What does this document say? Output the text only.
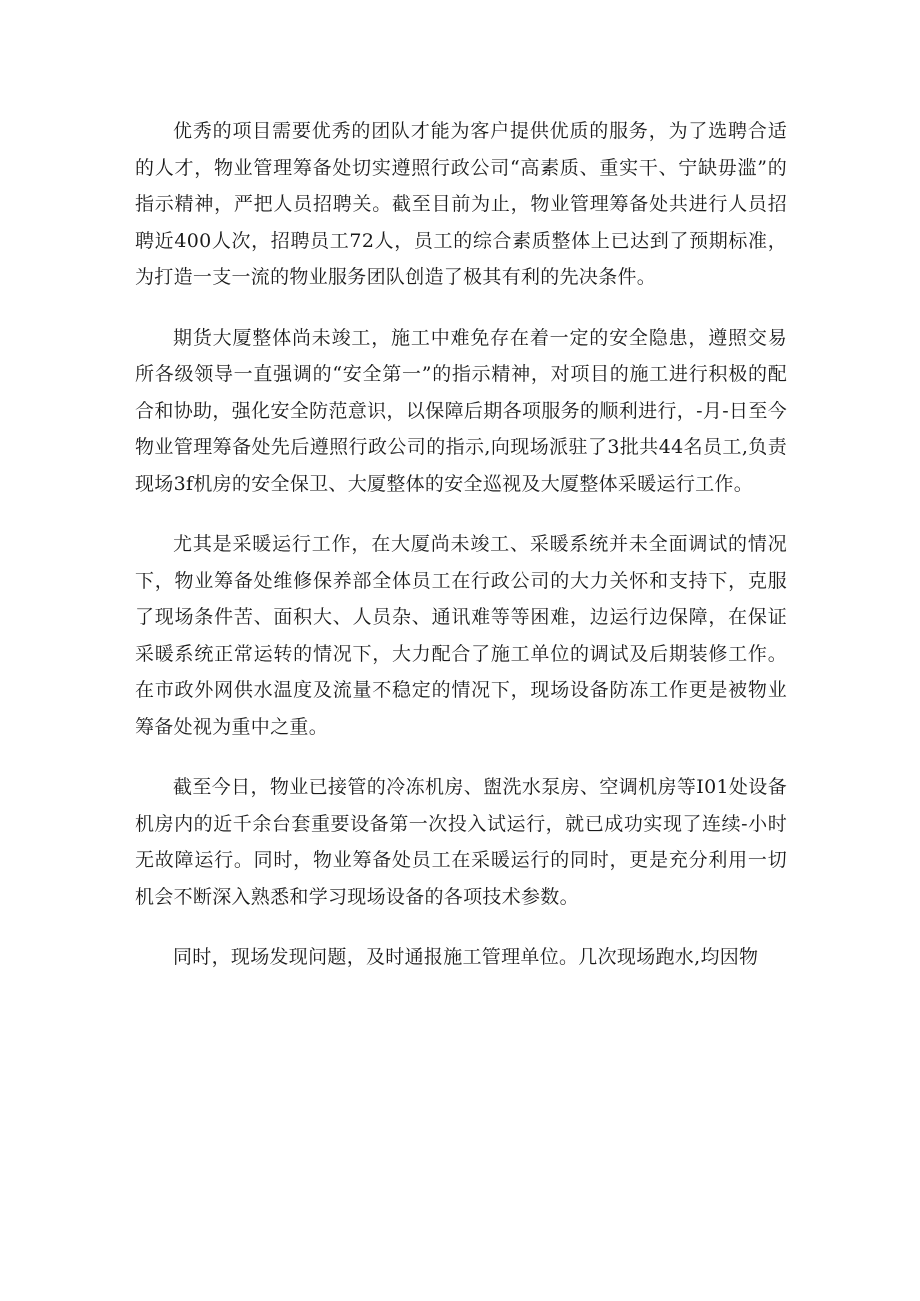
优秀的项目需要优秀的团队才能为客户提供优质的服务，为了选聘合适的人才，物业管理筹备处切实遵照行政公司“高素质、重实干、宁缺毋滥”的指示精神，严把人员招聘关。截至目前为止，物业管理筹备处共进行人员招聘近400人次，招聘员工72人，员工的综合素质整体上已达到了预期标准，为打造一支一流的物业服务团队创造了极其有利的先决条件。

期货大厦整体尚未竣工，施工中难免存在着一定的安全隐患，遵照交易所各级领导一直强调的“安全第一”的指示精神，对项目的施工进行积极的配合和协助，强化安全防范意识，以保障后期各项服务的顺利进行，-月-日至今物业管理筹备处先后遵照行政公司的指示,向现场派驻了3批共44名员工,负责现场3f机房的安全保卫、大厦整体的安全巡视及大厦整体采暖运行工作。

尤其是采暖运行工作，在大厦尚未竣工、采暖系统并未全面调试的情况下，物业筹备处维修保养部全体员工在行政公司的大力关怀和支持下，克服了现场条件苦、面积大、人员杂、通讯难等等困难，边运行边保障，在保证采暖系统正常运转的情况下，大力配合了施工单位的调试及后期装修工作。在市政外网供水温度及流量不稳定的情况下，现场设备防冻工作更是被物业筹备处视为重中之重。

截至今日，物业已接管的冷冻机房、盥洗水泵房、空调机房等I01处设备机房内的近千余台套重要设备第一次投入试运行，就已成功实现了连续-小时无故障运行。同时，物业筹备处员工在采暖运行的同时，更是充分利用一切机会不断深入熟悉和学习现场设备的各项技术参数。

同时，现场发现问题，及时通报施工管理单位。几次现场跑水,均因物
